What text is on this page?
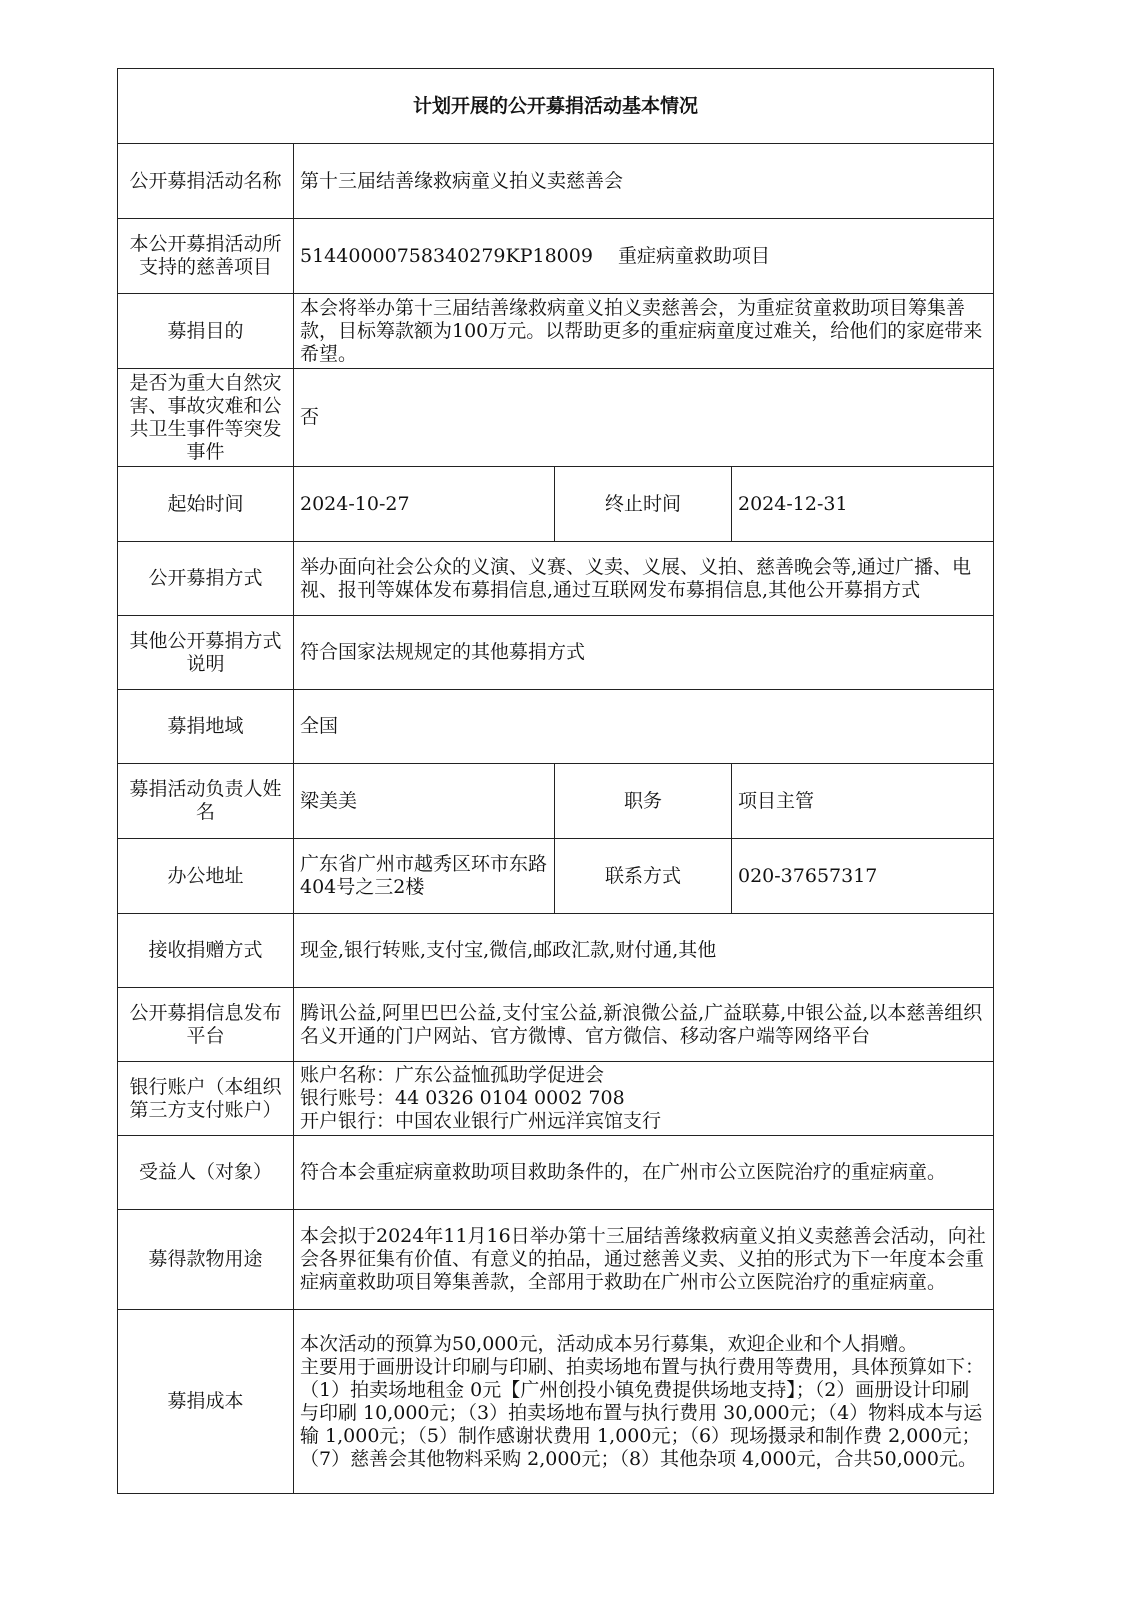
计划开展的公开募捐活动基本情况			
公开募捐活动名称	第十三届结善缘救病童义拍义卖慈善会		
本公开募捐活动所支持的慈善项目	51440000758340279KP18009　 重症病童救助项目		
募捐目的	本会将举办第十三届结善缘救病童义拍义卖慈善会，为重症贫童救助项目筹集善款，目标筹款额为100万元。以帮助更多的重症病童度过难关，给他们的家庭带来希望。		
是否为重大自然灾害、事故灾难和公共卫生事件等突发事件	否		
起始时间	2024-10-27	终止时间	2024-12-31
公开募捐方式	举办面向社会公众的义演、义赛、义卖、义展、义拍、慈善晚会等,通过广播、电视、报刊等媒体发布募捐信息,通过互联网发布募捐信息,其他公开募捐方式		
其他公开募捐方式说明	符合国家法规规定的其他募捐方式		
募捐地域	全国		
募捐活动负责人姓名	梁美美	职务	项目主管
办公地址	广东省广州市越秀区环市东路404号之三2楼	联系方式	020-37657317
接收捐赠方式	现金,银行转账,支付宝,微信,邮政汇款,财付通,其他		
公开募捐信息发布平台	腾讯公益,阿里巴巴公益,支付宝公益,新浪微公益,广益联募,中银公益,以本慈善组织名义开通的门户网站、官方微博、官方微信、移动客户端等网络平台		
银行账户（本组织第三方支付账户）	账户名称：广东公益恤孤助学促进会
银行账号：44 0326 0104 0002 708
开户银行：中国农业银行广州远洋宾馆支行		

受益人（对象）	符合本会重症病童救助项目救助条件的，在广州市公立医院治疗的重症病童。		
募得款物用途	本会拟于2024年11月16日举办第十三届结善缘救病童义拍义卖慈善会活动，向社会各界征集有价值、有意义的拍品，通过慈善义卖、义拍的形式为下一年度本会重症病童救助项目筹集善款，全部用于救助在广州市公立医院治疗的重症病童。		
募捐成本	本次活动的预算为50,000元，活动成本另行募集，欢迎企业和个人捐赠。
主要用于画册设计印刷与印刷、拍卖场地布置与执行费用等费用，具体预算如下：（1）拍卖场地租金 0元【广州创投小镇免费提供场地支持】；（2）画册设计印刷与印刷 10,000元；（3）拍卖场地布置与执行费用 30,000元；（4）物料成本与运输 1,000元；（5）制作感谢状费用 1,000元；（6）现场摄录和制作费 2,000元；（7）慈善会其他物料采购 2,000元；（8）其他杂项 4,000元，合共50,000元。		
